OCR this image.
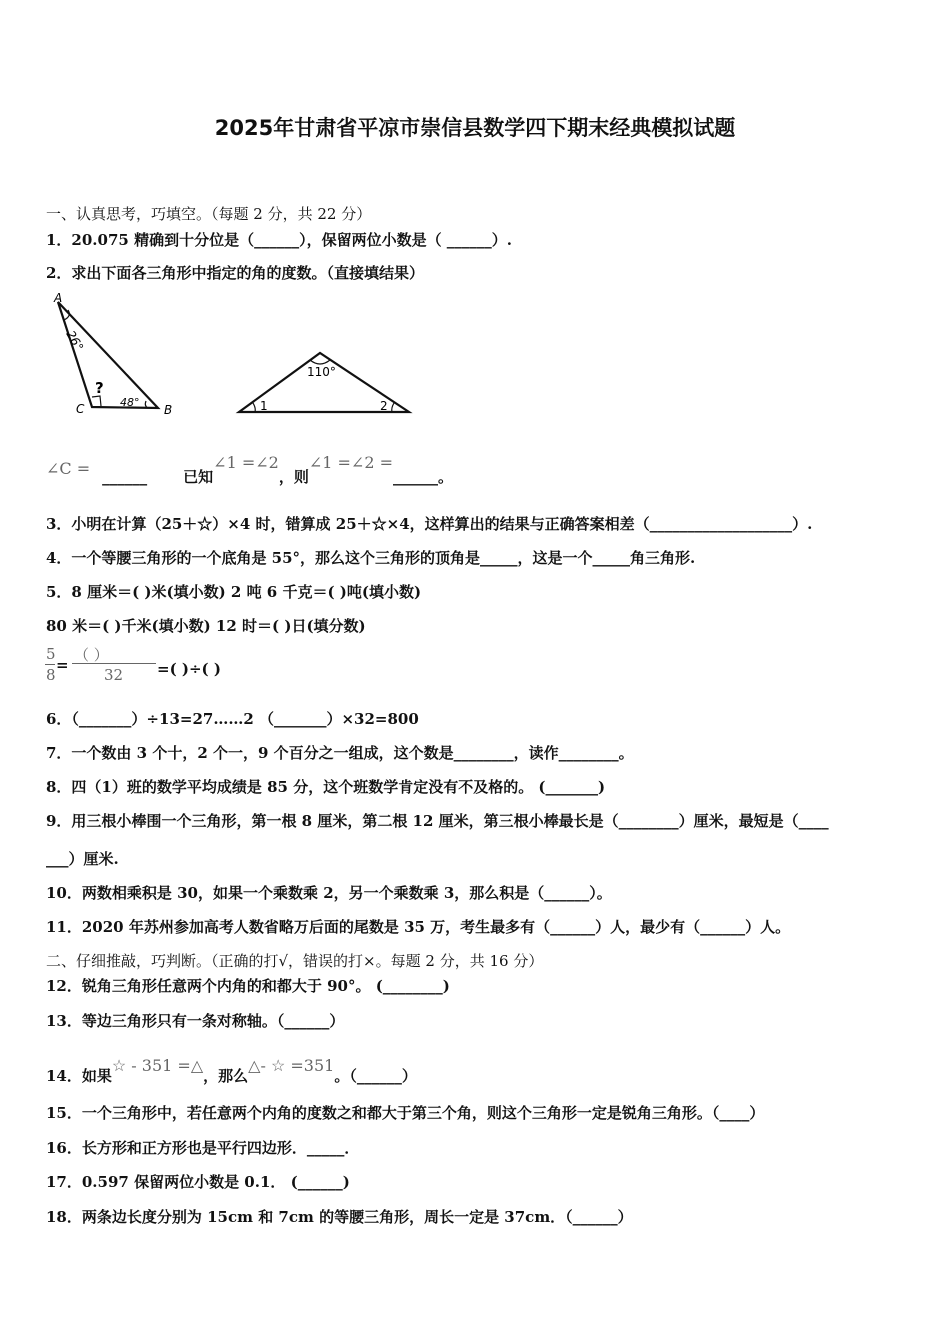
2025年甘肃省平凉市崇信县数学四下期末经典模拟试题
一、认真思考，巧填空。（每题 2 分，共 22 分）
1．20.075 精确到十分位是（______），保留两位小数是（ ______）.
2．求出下面各三角形中指定的角的度数。（直接填结果）
A
26°
?
48°
C	B
110°
1	2
∠C = ______ 已知∠1 =∠2，则∠1 =∠2 =______。
3．小明在计算（25＋☆）×4 时，错算成 25＋☆×4，这样算出的结果与正确答案相差（___________________）.
4．一个等腰三角形的一个底角是 55°，那么这个三角形的顶角是_____，这是一个_____角三角形.
5．8 厘米＝( )米(填小数) 2 吨 6 千克＝( )吨(填小数)
80 米＝( )千米(填小数) 12 时＝( )日(填分数)
5
8
=
（ ）
32 =( )÷( )
6．（_______）÷13=27……2 （_______）×32=800
7．一个数由 3 个十，2 个一，9 个百分之一组成，这个数是________，读作________。
8．四（1）班的数学平均成绩是 85 分，这个班数学肯定没有不及格的。 (_______)
9．用三根小棒围一个三角形，第一根 8 厘米，第二根 12 厘米，第三根小棒最长是（________）厘米，最短是（____
___）厘米.
10．两数相乘积是 30，如果一个乘数乘 2，另一个乘数乘 3，那么积是（______）。
11．2020 年苏州参加高考人数省略万后面的尾数是 35 万，考生最多有（______）人，最少有（______）人。
二、仔细推敲，巧判断。（正确的打√，错误的打×。每题 2 分，共 16 分）
12．锐角三角形任意两个内角的和都大于 90°。 (________)
13．等边三角形只有一条对称轴。（______）
14．如果☆ - 351 =△，那么△- ☆ =351。（______）
15．一个三角形中，若任意两个内角的度数之和都大于第三个角，则这个三角形一定是锐角三角形。（____）
16．长方形和正方形也是平行四边形．_____．
17．0.597 保留两位小数是 0.1． (______)
18．两条边长度分别为 15cm 和 7cm 的等腰三角形，周长一定是 37cm．（______）
